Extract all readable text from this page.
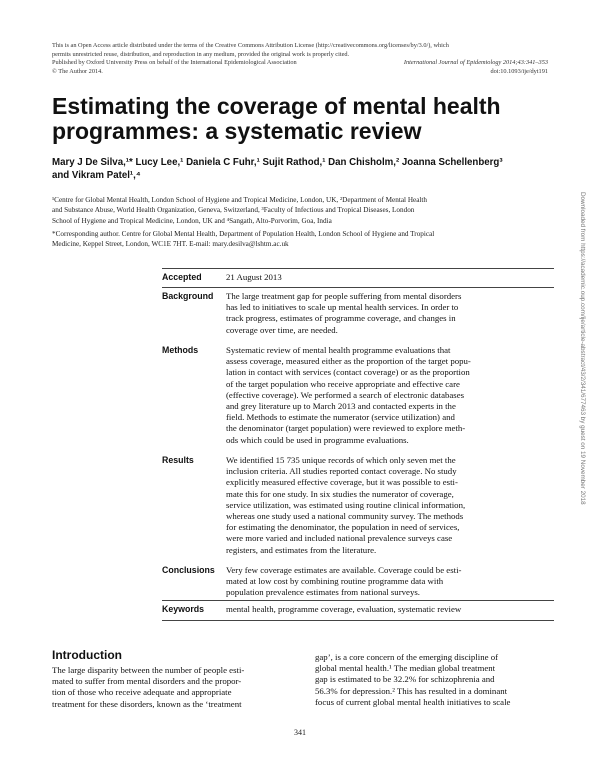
This is an Open Access article distributed under the terms of the Creative Commons Attribution License (http://creativecommons.org/licenses/by/3.0/), which
permits unrestricted reuse, distribution, and reproduction in any medium, provided the original work is properly cited.
Published by Oxford University Press on behalf of the International Epidemiological Association
© The Author 2014.
International Journal of Epidemiology 2014;43:341–353
doi:10.1093/ije/dyt191
Estimating the coverage of mental health
programmes: a systematic review
Mary J De Silva,¹* Lucy Lee,¹ Daniela C Fuhr,¹ Sujit Rathod,¹ Dan Chisholm,² Joanna Schellenberg³
and Vikram Patel¹,⁴
¹Centre for Global Mental Health, London School of Hygiene and Tropical Medicine, London, UK, ²Department of Mental Health
and Substance Abuse, World Health Organization, Geneva, Switzerland, ³Faculty of Infectious and Tropical Diseases, London
School of Hygiene and Tropical Medicine, London, UK and ⁴Sangath, Alto-Porvorim, Goa, India
*Corresponding author. Centre for Global Mental Health, Department of Population Health, London School of Hygiene and Tropical
Medicine, Keppel Street, London, WC1E 7HT. E-mail: mary.desilva@lshtm.ac.uk
Accepted	21 August 2013
Background The large treatment gap for people suffering from mental disorders
has led to initiatives to scale up mental health services. In order to
track progress, estimates of programme coverage, and changes in
coverage over time, are needed.
Methods	Systematic review of mental health programme evaluations that
assess coverage, measured either as the proportion of the target popu-
lation in contact with services (contact coverage) or as the proportion
of the target population who receive appropriate and effective care
(effective coverage). We performed a search of electronic databases
and grey literature up to March 2013 and contacted experts in the
field. Methods to estimate the numerator (service utilization) and
the denominator (target population) were reviewed to explore meth-
ods which could be used in programme evaluations.
Results	We identified 15 735 unique records of which only seven met the
inclusion criteria. All studies reported contact coverage. No study
explicitly measured effective coverage, but it was possible to esti-
mate this for one study. In six studies the numerator of coverage,
service utilization, was estimated using routine clinical information,
whereas one study used a national community survey. The methods
for estimating the denominator, the population in need of services,
were more varied and included national prevalence surveys case
registers, and estimates from the literature.
Conclusions Very few coverage estimates are available. Coverage could be esti-
mated at low cost by combining routine programme data with
population prevalence estimates from national surveys.
Keywords mental health, programme coverage, evaluation, systematic review
Introduction
The large disparity between the number of people esti-
mated to suffer from mental disorders and the propor-
tion of those who receive adequate and appropriate
treatment for these disorders, known as the ‘treatment
gap’, is a core concern of the emerging discipline of
global mental health.¹ The median global treatment
gap is estimated to be 32.2% for schizophrenia and
56.3% for depression.² This has resulted in a dominant
focus of current global mental health initiatives to scale
341
Downloaded from https://academic.oup.com/ije/article-abstract/43/2/341/677463 by guest on 19 November 2018
